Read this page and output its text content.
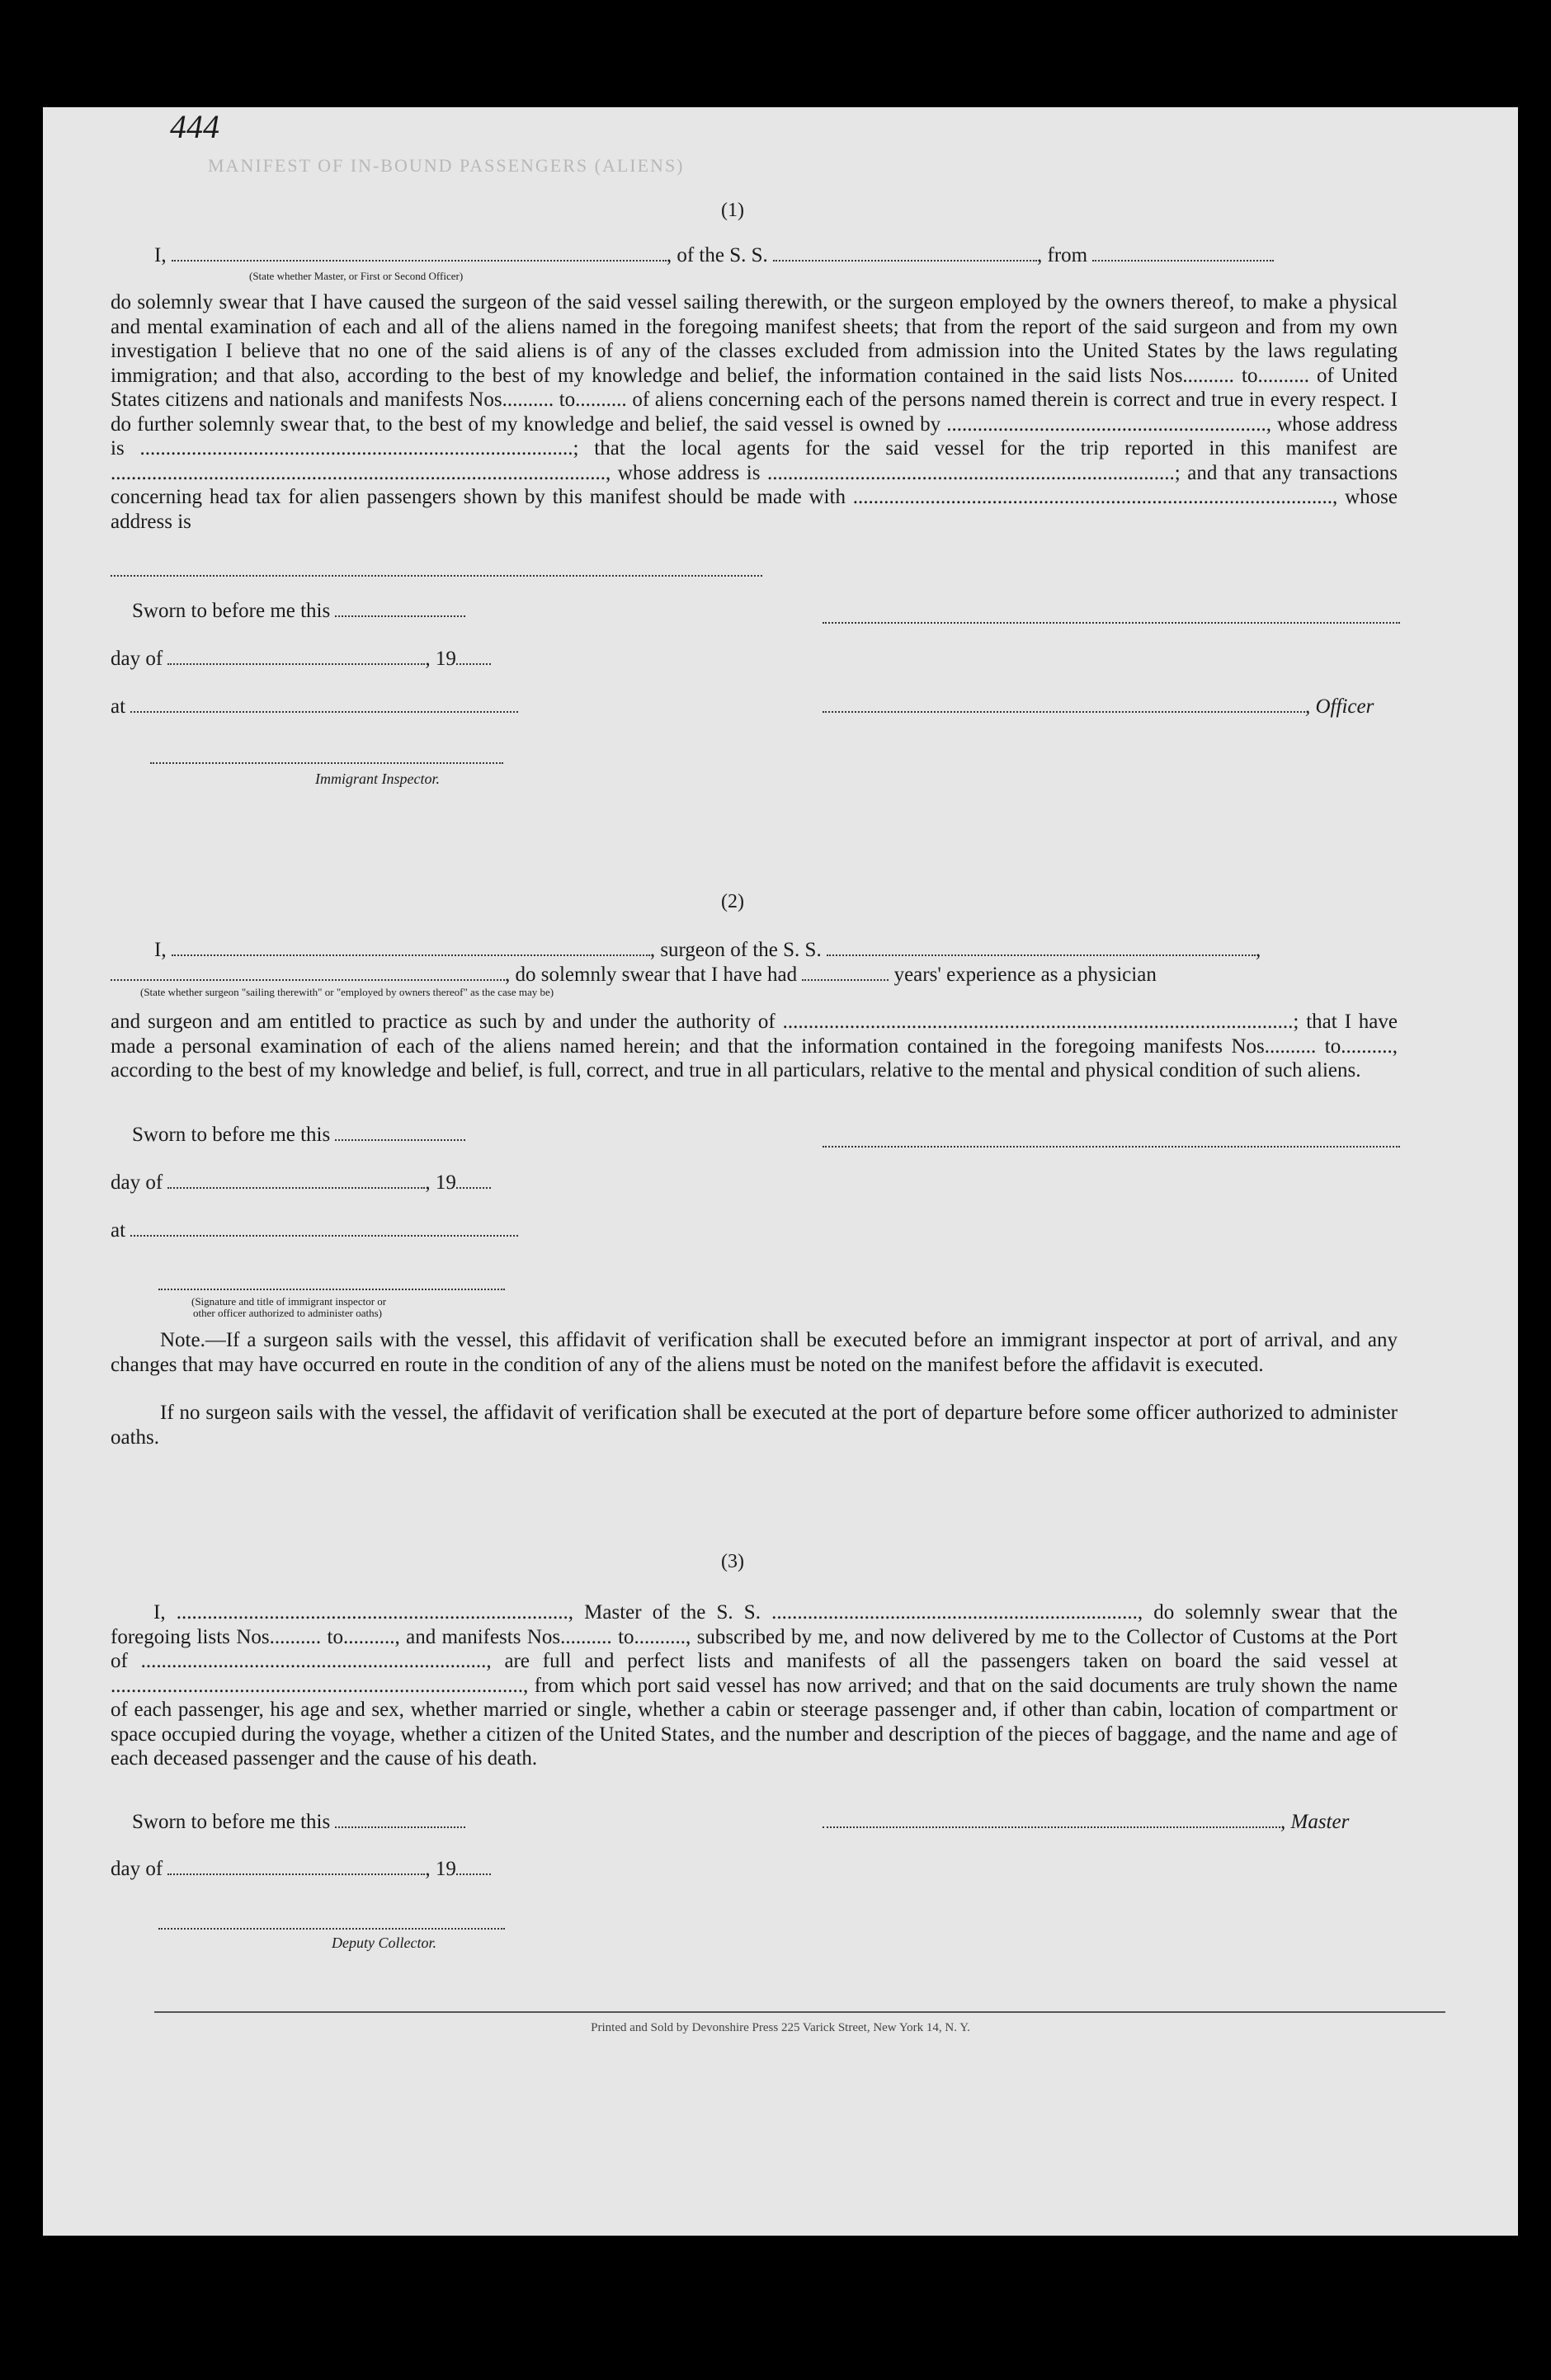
444
MANIFEST OF IN-BOUND PASSENGERS (ALIENS)
(1)
I,	, of the S. S.	, from
(State whether Master, or First or Second Officer)
do solemnly swear that I have caused the surgeon of the said vessel sailing therewith, or the surgeon employed by the owners thereof, to make a physical and mental examination of each and all of the aliens named in the foregoing manifest sheets; that from the report of the said surgeon and from my own investigation I believe that no one of the said aliens is of any of the classes excluded from admission into the United States by the laws regulating immigration; and that also, according to the best of my knowledge and belief, the information contained in the said lists Nos.......... to.......... of United States citizens and nationals and manifests Nos.......... to.......... of aliens concerning each of the persons named therein is correct and true in every respect. I do further solemnly swear that, to the best of my knowledge and belief, the said vessel is owned by .............................................................., whose address is ....................................................................................; that the local agents for the said vessel for the trip reported in this manifest are ................................................................................................, whose address is ...............................................................................; and that any transactions concerning head tax for alien passengers shown by this manifest should be made with ............................................................................................., whose address is
Sworn to before me this
day of	, 19
at	, Officer
Immigrant Inspector.
(2)
I,	, surgeon of the S. S.	,
, do solemnly swear that I have had	years' experience as a physician
(State whether surgeon "sailing therewith" or "employed by owners thereof" as the case may be)
and surgeon and am entitled to practice as such by and under the authority of ...................................................................................................; that I have made a personal examination of each of the aliens named herein; and that the information contained in the foregoing manifests Nos.......... to.........., according to the best of my knowledge and belief, is full, correct, and true in all particulars, relative to the mental and physical condition of such aliens.
Sworn to before me this
day of	, 19
at
(Signature and title of immigrant inspector or
other officer authorized to administer oaths)
Note.—If a surgeon sails with the vessel, this affidavit of verification shall be executed before an immigrant inspector at port of arrival, and any changes that may have occurred en route in the condition of any of the aliens must be noted on the manifest before the affidavit is executed.
If no surgeon sails with the vessel, the affidavit of verification shall be executed at the port of departure before some officer authorized to administer oaths.
(3)
I, ............................................................................, Master of the S. S. ......................................................................., do solemnly swear that the foregoing lists Nos.......... to.........., and manifests Nos.......... to.........., subscribed by me, and now delivered by me to the Collector of Customs at the Port of ..................................................................., are full and perfect lists and manifests of all the passengers taken on board the said vessel at ................................................................................, from which port said vessel has now arrived; and that on the said documents are truly shown the name of each passenger, his age and sex, whether married or single, whether a cabin or steerage passenger and, if other than cabin, location of compartment or space occupied during the voyage, whether a citizen of the United States, and the number and description of the pieces of baggage, and the name and age of each deceased passenger and the cause of his death.
Sworn to before me this	, Master
day of	, 19
Deputy Collector.
Printed and Sold by Devonshire Press 225 Varick Street, New York 14, N. Y.
